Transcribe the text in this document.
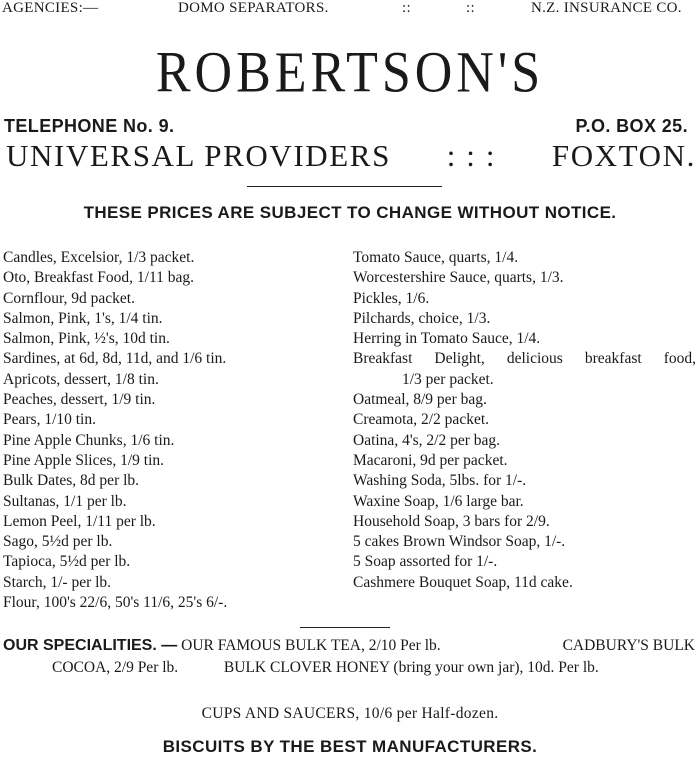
AGENCIES:—	DOMO SEPARATORS.	::	::	N.Z. INSURANCE CO.
ROBERTSON'S
TELEPHONE No. 9.	P.O. BOX 25.
UNIVERSAL PROVIDERS : : : FOXTON.
THESE PRICES ARE SUBJECT TO CHANGE WITHOUT NOTICE.
Candles, Excelsior, 1/3 packet.
Oto, Breakfast Food, 1/11 bag.
Cornflour, 9d packet.
Salmon, Pink, 1's, 1/4 tin.
Salmon, Pink, ½'s, 10d tin.
Sardines, at 6d, 8d, 11d, and 1/6 tin.
Apricots, dessert, 1/8 tin.
Peaches, dessert, 1/9 tin.
Pears, 1/10 tin.
Pine Apple Chunks, 1/6 tin.
Pine Apple Slices, 1/9 tin.
Bulk Dates, 8d per lb.
Sultanas, 1/1 per lb.
Lemon Peel, 1/11 per lb.
Sago, 5½d per lb.
Tapioca, 5½d per lb.
Starch, 1/- per lb.
Flour, 100's 22/6, 50's 11/6, 25's 6/-.
Tomato Sauce, quarts, 1/4.
Worcestershire Sauce, quarts, 1/3.
Pickles, 1/6.
Pilchards, choice, 1/3.
Herring in Tomato Sauce, 1/4.
Breakfast Delight, delicious breakfast food,
1/3 per packet.
Oatmeal, 8/9 per bag.
Creamota, 2/2 packet.
Oatina, 4's, 2/2 per bag.
Macaroni, 9d per packet.
Washing Soda, 5lbs. for 1/-.
Waxine Soap, 1/6 large bar.
Household Soap, 3 bars for 2/9.
5 cakes Brown Windsor Soap, 1/-.
5 Soap assorted for 1/-.
Cashmere Bouquet Soap, 11d cake.
OUR SPECIALITIES. — OUR FAMOUS BULK TEA, 2/10 Per lb.	CADBURY'S BULK
COCOA, 2/9 Per lb.	BULK CLOVER HONEY (bring your own jar), 10d. Per lb.
CUPS AND SAUCERS, 10/6 per Half-dozen.
BISCUITS BY THE BEST MANUFACTURERS.
